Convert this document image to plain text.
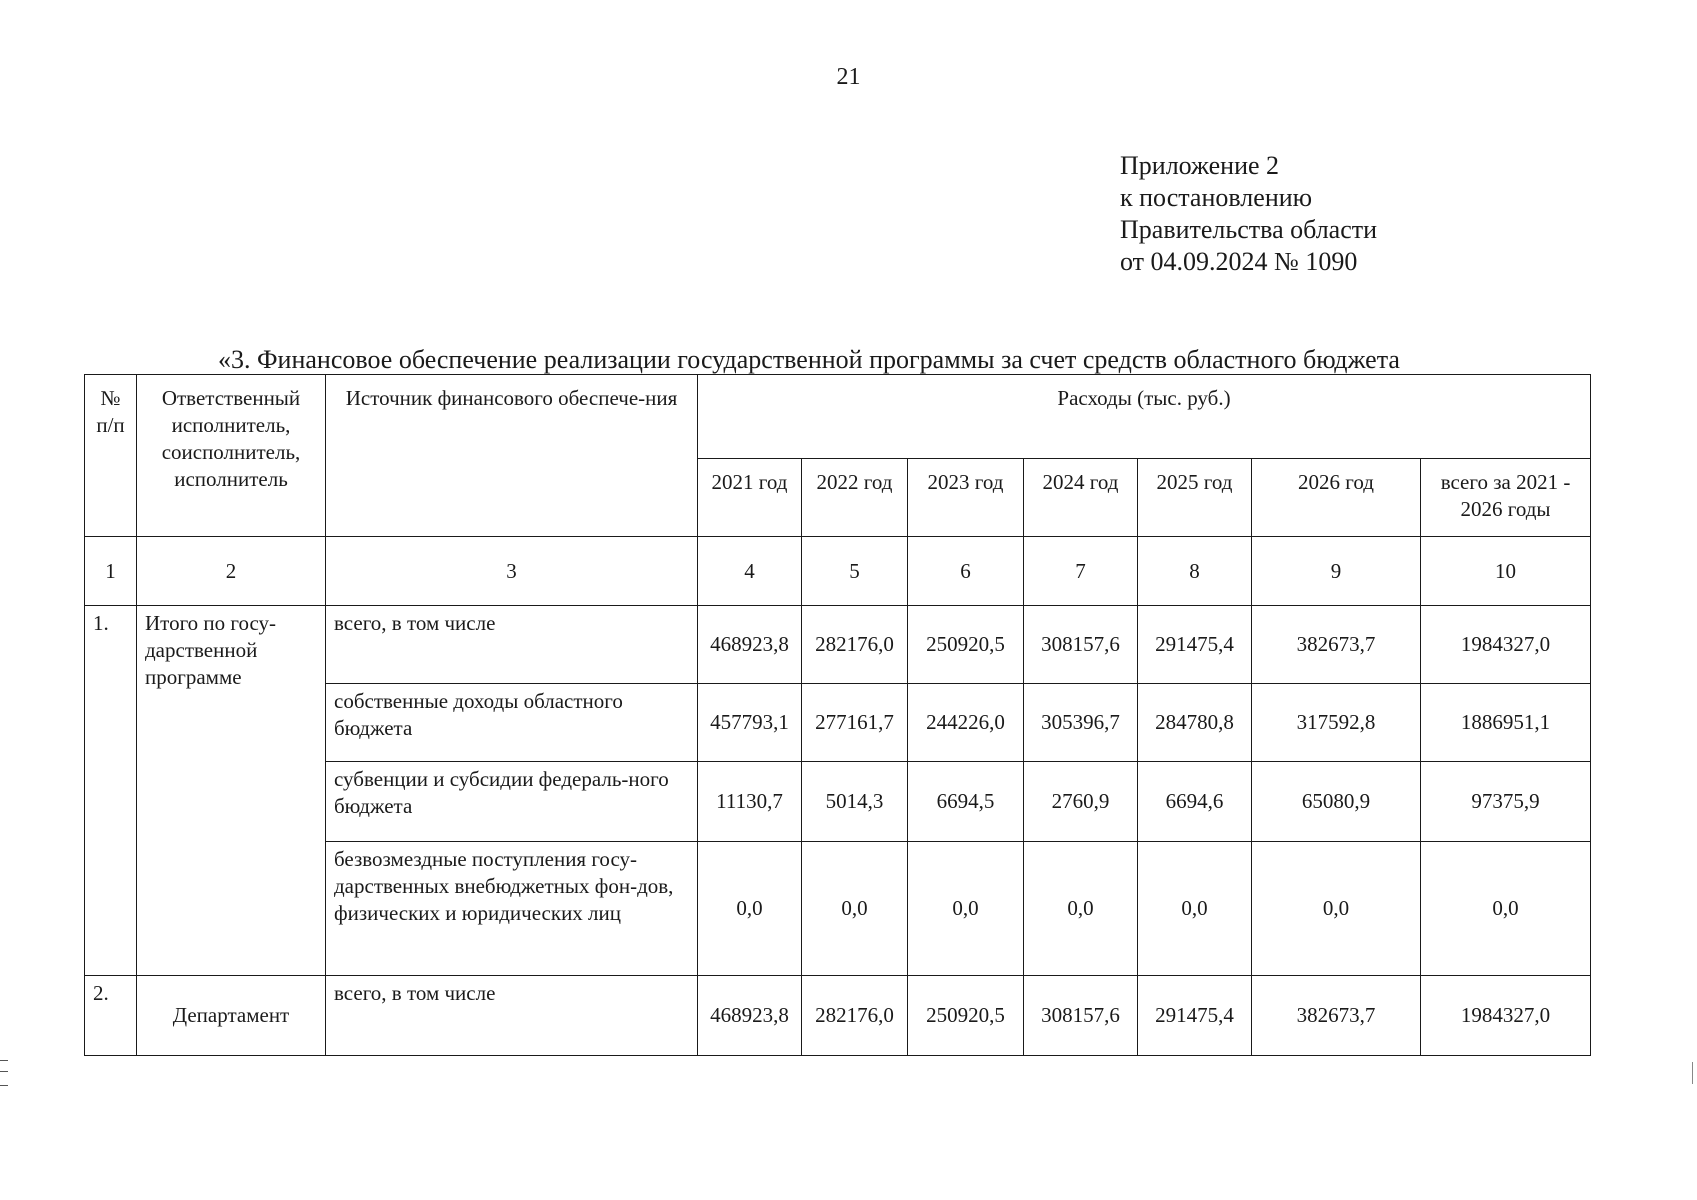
21
Приложение 2
к постановлению
Правительства области
от 04.09.2024 № 1090
«3. Финансовое обеспечение реализации государственной программы за счет средств областного бюджета
№ п/п	Ответственный исполнитель, соисполнитель, исполнитель	Источник финансового обеспече-ния	Расходы (тыс. руб.)						
			2021 год	2022 год	2023 год	2024 год	2025 год	2026 год	всего за 2021 - 2026 годы
1	2	3	4	5	6	7	8	9	10
1.	Итого по госу-дарственной программе	всего, в том числе	468923,8	282176,0	250920,5	308157,6	291475,4	382673,7	1984327,0
		собственные доходы областного бюджета	457793,1	277161,7	244226,0	305396,7	284780,8	317592,8	1886951,1
		субвенции и субсидии федераль-ного бюджета	11130,7	5014,3	6694,5	2760,9	6694,6	65080,9	97375,9
		безвозмездные поступления госу-дарственных внебюджетных фон-дов, физических и юридических лиц	0,0	0,0	0,0	0,0	0,0	0,0	0,0
2.	Департамент	всего, в том числе	468923,8	282176,0	250920,5	308157,6	291475,4	382673,7	1984327,0
